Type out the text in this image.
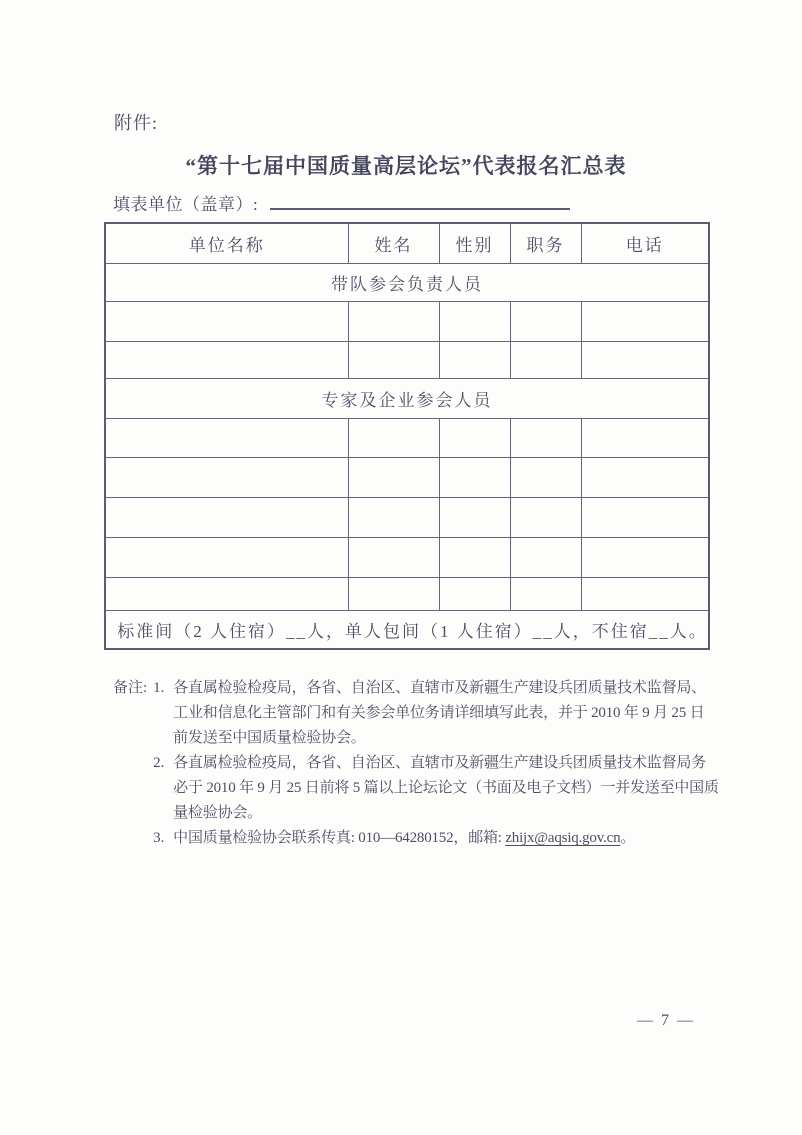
附件:
“第十七届中国质量高层论坛”代表报名汇总表
填表单位（盖章）:
单位名称	姓名	性别	职务	电话
带队参会负责人员				

专家及企业参会人员				

标准间（2 人住宿）__人，单人包间（1 人住宿）__人，不住宿__人。				
备注: 1. 各直属检验检疫局，各省、自治区、直辖市及新疆生产建设兵团质量技术监督局、工业和信息化主管部门和有关参会单位务请详细填写此表，并于 2010 年 9 月 25 日前发送至中国质量检验协会。
2. 各直属检验检疫局，各省、自治区、直辖市及新疆生产建设兵团质量技术监督局务必于 2010 年 9 月 25 日前将 5 篇以上论坛论文（书面及电子文档）一并发送至中国质量检验协会。
3. 中国质量检验协会联系传真: 010—64280152，邮箱: zhijx@aqsiq.gov.cn。
— 7 —
